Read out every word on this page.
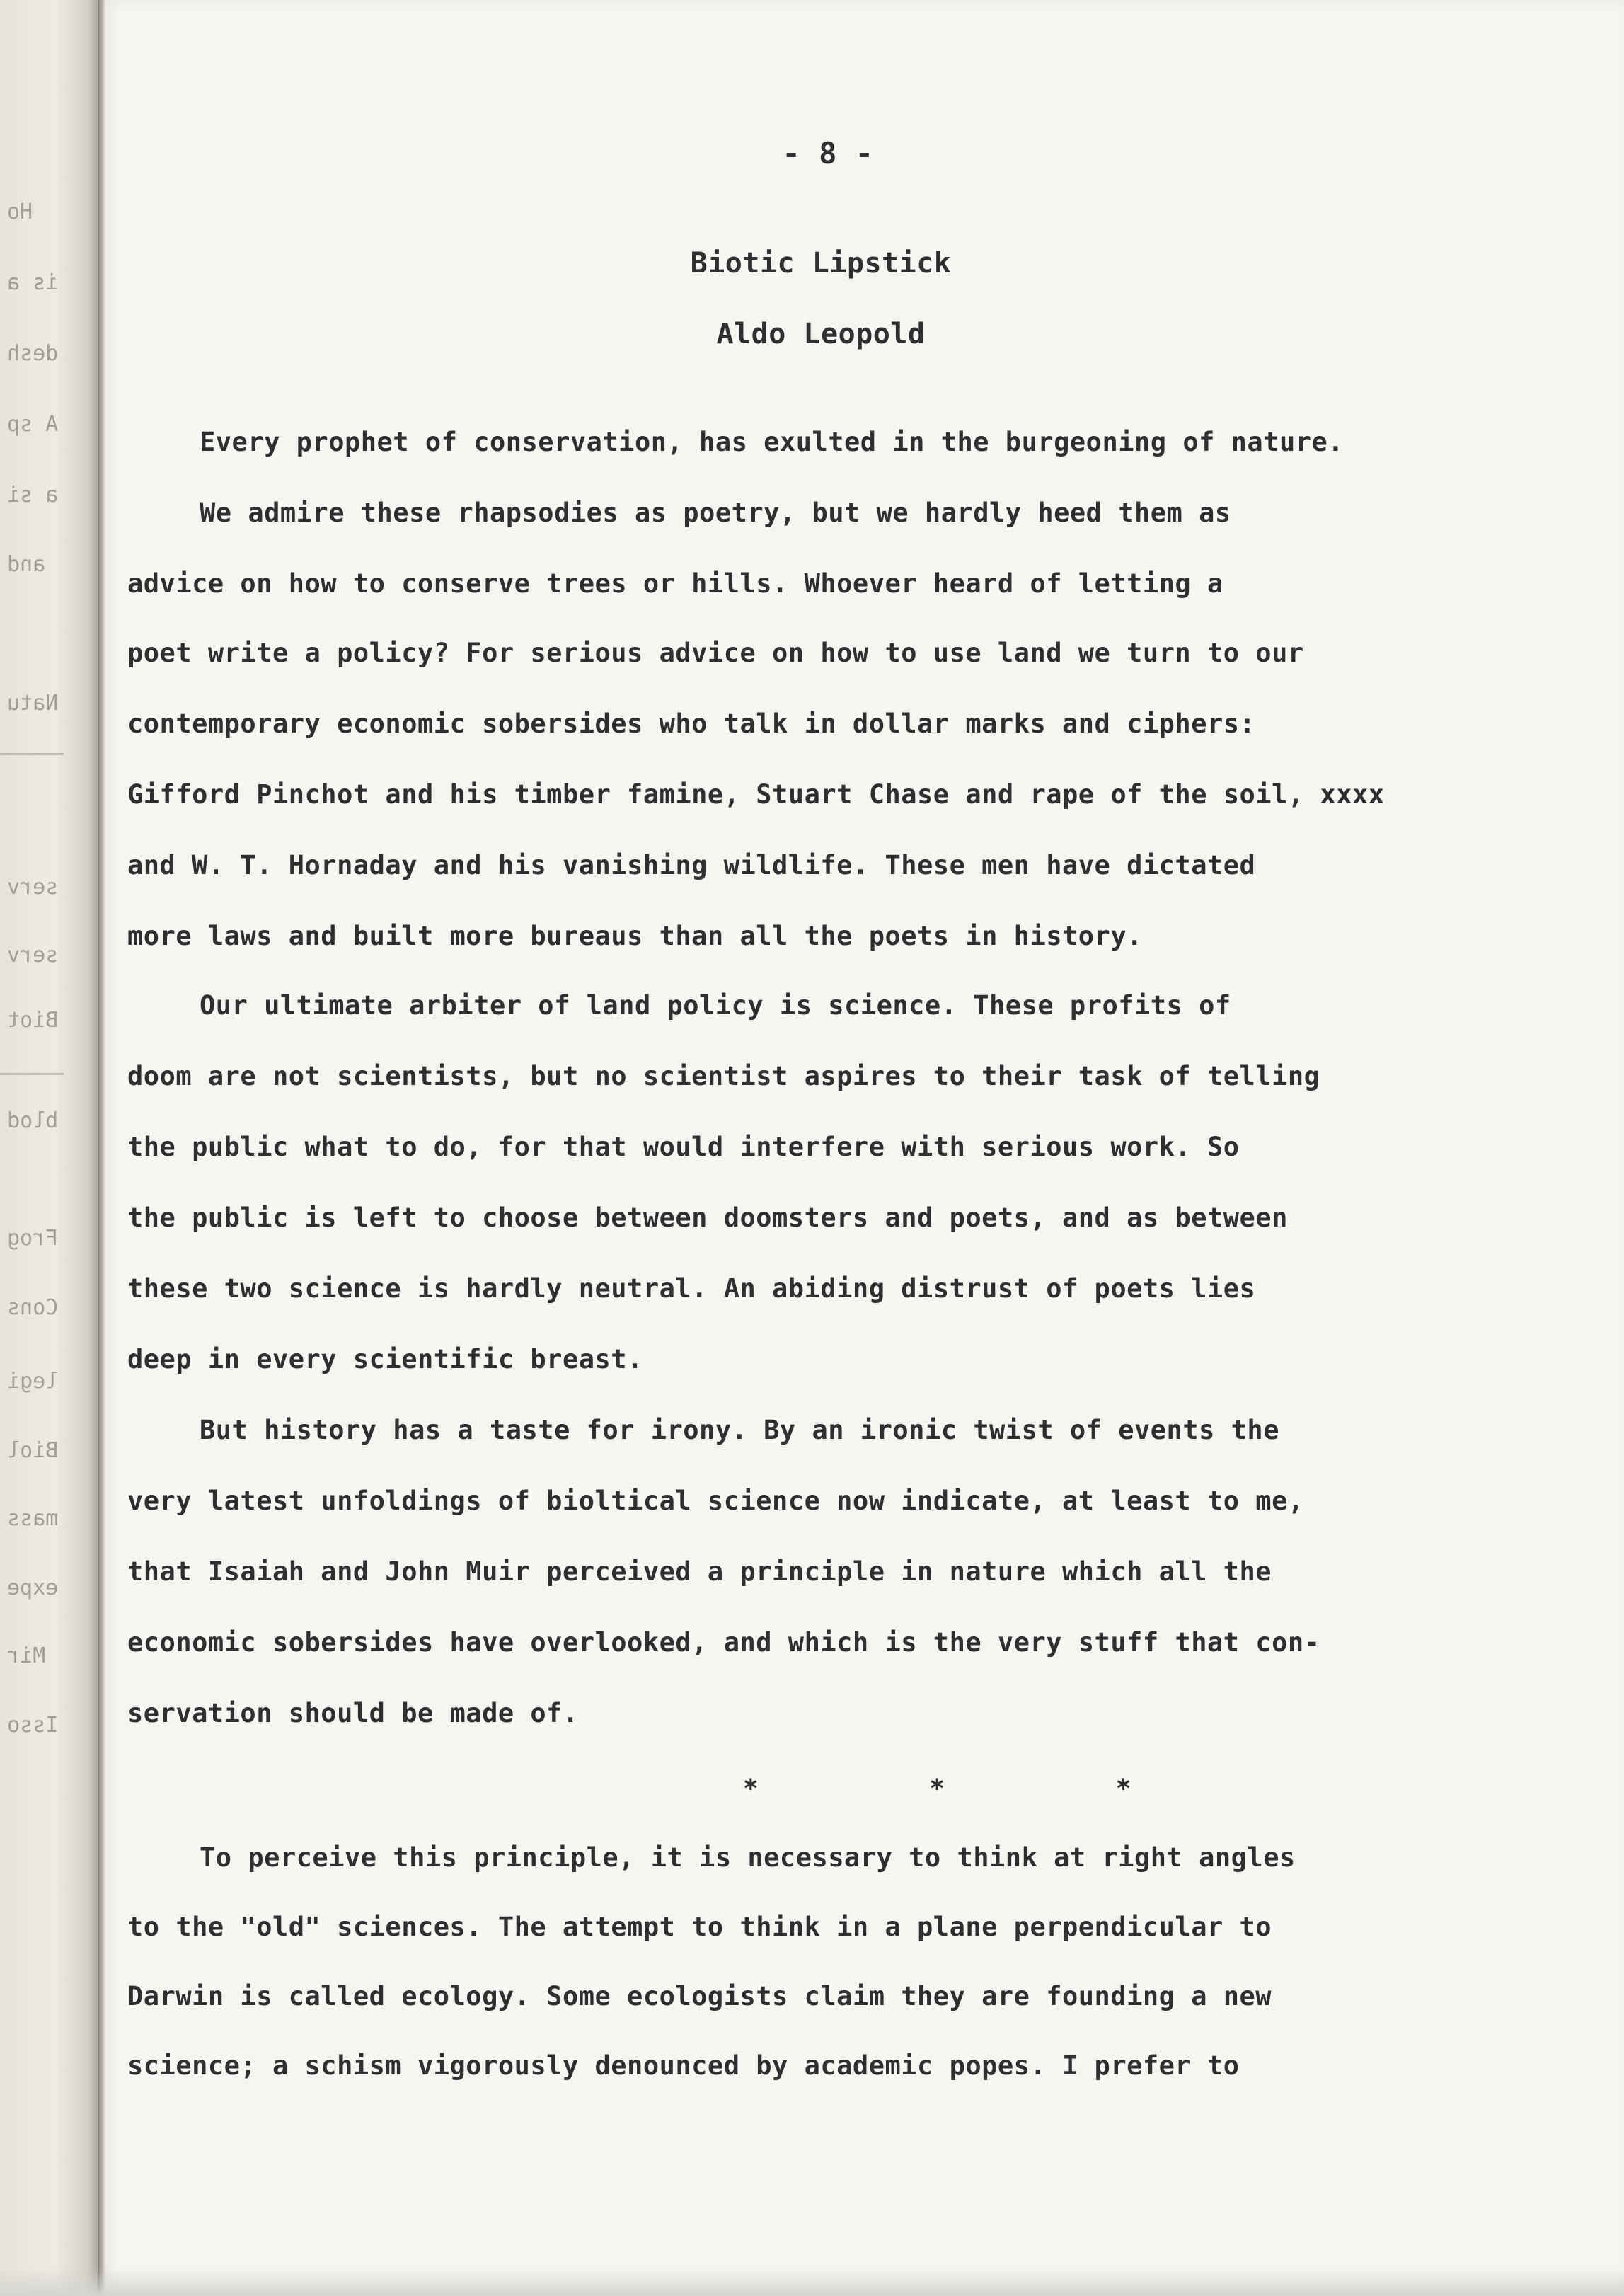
Ho
is a
desh
A sp
a si
and
Natu
serv
serv
Biot
blod
Frog
Cons
legi
Biol
mass
expe
Mir
Isso
- 8 -
Biotic Lipstick
Aldo Leopold
Every prophet of conservation, has exulted in the burgeoning of nature.
We admire these rhapsodies as poetry, but we hardly heed them as
advice on how to conserve trees or hills. Whoever heard of letting a
poet write a policy? For serious advice on how to use land we turn to our
contemporary economic sobersides who talk in dollar marks and ciphers:
Gifford Pinchot and his timber famine, Stuart Chase and rape of the soil, xxxx
and W. T. Hornaday and his vanishing wildlife. These men have dictated
more laws and built more bureaus than all the poets in history.
Our ultimate arbiter of land policy is science. These profits of
doom are not scientists, but no scientist aspires to their task of telling
the public what to do, for that would interfere with serious work. So
the public is left to choose between doomsters and poets, and as between
these two science is hardly neutral. An abiding distrust of poets lies
deep in every scientific breast.
But history has a taste for irony. By an ironic twist of events the
very latest unfoldings of bioltical science now indicate, at least to me,
that Isaiah and John Muir perceived a principle in nature which all the
economic sobersides have overlooked, and which is the very stuff that con-
servation should be made of.
* * *
To perceive this principle, it is necessary to think at right angles
to the "old" sciences. The attempt to think in a plane perpendicular to
Darwin is called ecology. Some ecologists claim they are founding a new
science; a schism vigorously denounced by academic popes. I prefer to
